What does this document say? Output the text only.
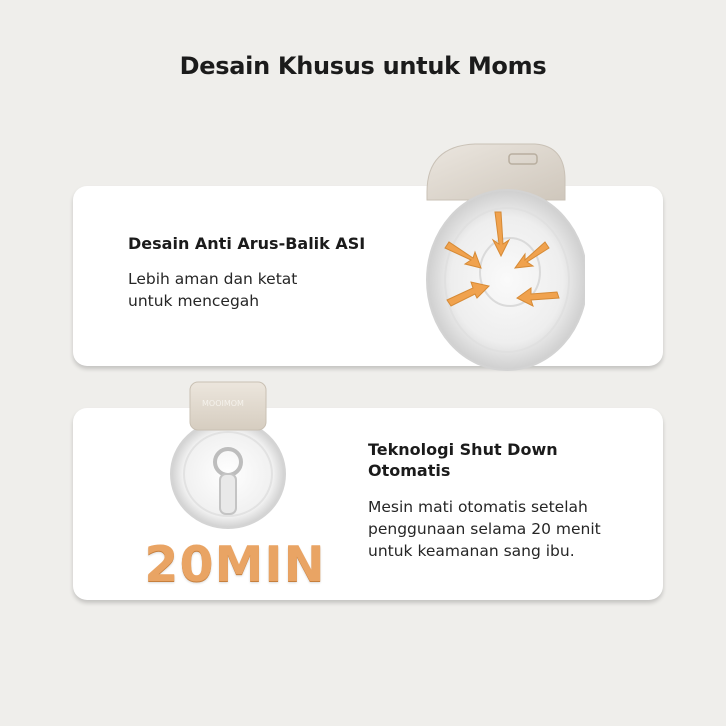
Desain Khusus untuk Moms
Desain Anti Arus-Balik ASI
Lebih aman dan ketat
untuk mencegah
MOOIMOM
20MIN
Teknologi Shut Down
Otomatis
Mesin mati otomatis setelah
penggunaan selama 20 menit
untuk keamanan sang ibu.
